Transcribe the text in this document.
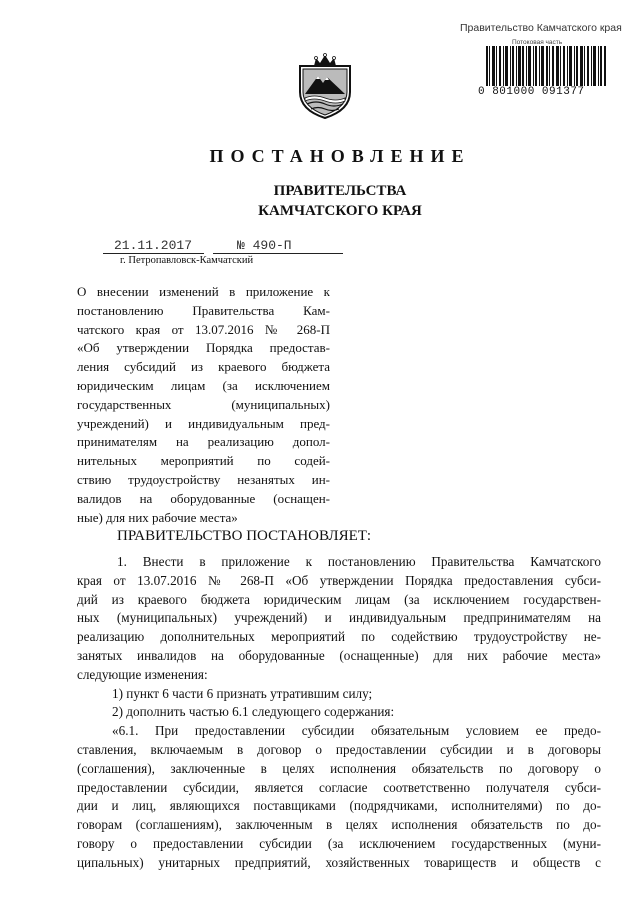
Правительство Камчатского края
Потоковая часть
0 801000 091377
ПОСТАНОВЛЕНИЕ
ПРАВИТЕЛЬСТВА
КАМЧАТСКОГО КРАЯ
21.11.2017	№ 490-П
г. Петропавловск-Камчатский
О внесении изменений в приложение к
постановлению Правительства Кам-
чатского края от 13.07.2016 № 268-П
«Об утверждении Порядка предостав-
ления субсидий из краевого бюджета
юридическим лицам (за исключением
государственных (муниципальных)
учреждений) и индивидуальным пред-
принимателям на реализацию допол-
нительных мероприятий по содей-
ствию трудоустройству незанятых ин-
валидов на оборудованные (оснащен-
ные) для них рабочие места»
ПРАВИТЕЛЬСТВО ПОСТАНОВЛЯЕТ:
1. Внести в приложение к постановлению Правительства Камчатского
края от 13.07.2016 № 268-П «Об утверждении Порядка предоставления субси-
дий из краевого бюджета юридическим лицам (за исключением государствен-
ных (муниципальных) учреждений) и индивидуальным предпринимателям на
реализацию дополнительных мероприятий по содействию трудоустройству не-
занятых инвалидов на оборудованные (оснащенные) для них рабочие места»
следующие изменения:
1) пункт 6 части 6 признать утратившим силу;
2) дополнить частью 6.1 следующего содержания:
«6.1. При предоставлении субсидии обязательным условием ее предо-
ставления, включаемым в договор о предоставлении субсидии и в договоры
(соглашения), заключенные в целях исполнения обязательств по договору о
предоставлении субсидии, является согласие соответственно получателя субси-
дии и лиц, являющихся поставщиками (подрядчиками, исполнителями) по до-
говорам (соглашениям), заключенным в целях исполнения обязательств по до-
говору о предоставлении субсидии (за исключением государственных (муни-
ципальных) унитарных предприятий, хозяйственных товариществ и обществ с
